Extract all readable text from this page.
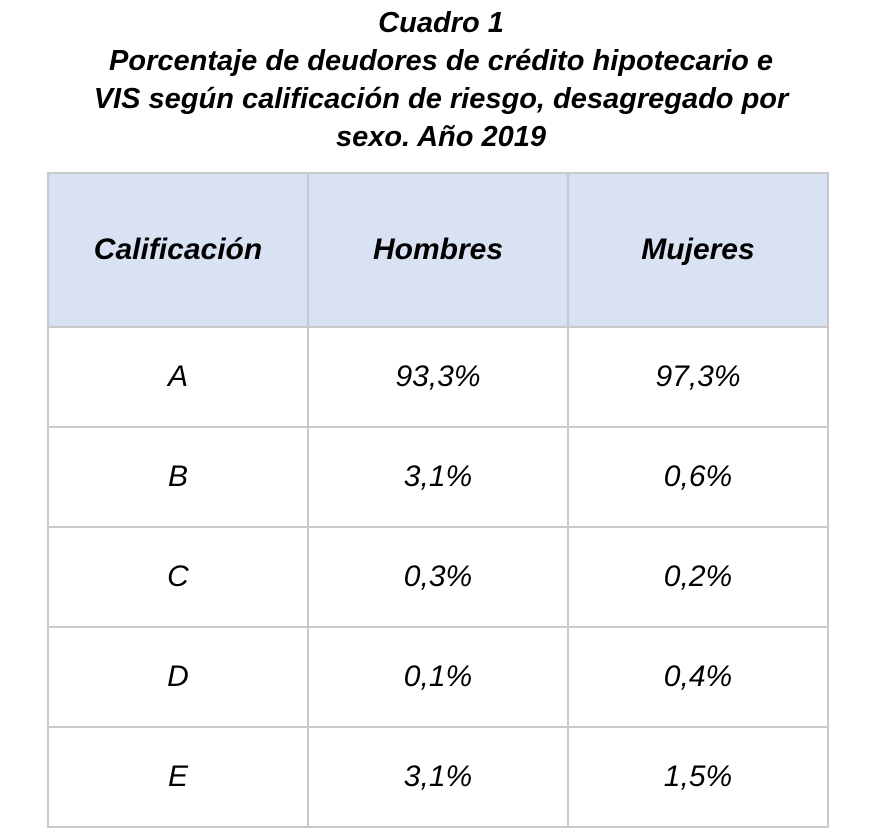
Cuadro 1
Porcentaje de deudores de crédito hipotecario e
VIS según calificación de riesgo, desagregado por
sexo. Año 2019
Calificación	Hombres	Mujeres
A	93,3%	97,3%
B	3,1%	0,6%
C	0,3%	0,2%
D	0,1%	0,4%
E	3,1%	1,5%
